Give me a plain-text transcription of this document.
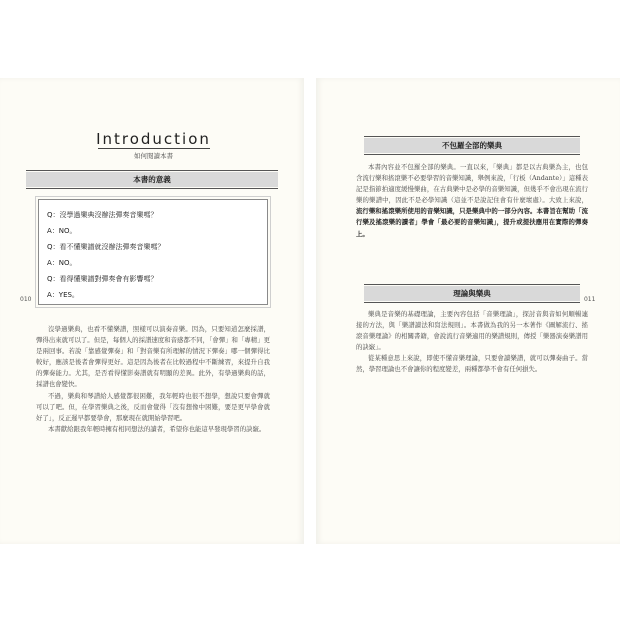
Introduction
如何閱讀本書
本書的意義
Q：沒學過樂典沒辦法彈奏音樂嗎？
A：NO。
Q：看不懂樂譜就沒辦法彈奏音樂嗎？
A：NO。
Q：看得懂樂譜對彈奏會有影響嗎？
A：YES。

沒學過樂典，也看不懂樂譜，照樣可以演奏音樂。因為，只要知道怎麼採譜，彈得出來就可以了。但是，每個人的採譜速度和音感都不同，「會彈」和「專精」更是兩回事。若說「靠感覺彈奏」和「對音樂有所理解的情況下彈奏」哪一個彈得比較好，應該是後者會彈得更好。這是因為後者在比較過程中不斷練習，來提升自我的彈奏能力。尤其，是否看得懂影奏譜就有明顯的差異。此外，有學過樂典的話，採譜也會變快。

不過，樂典和琴譜給人感覺都很困難，我年輕時也很不想學，想說只要會彈就可以了吧。但，在學習樂典之後，反而會覺得「沒有想像中困難，要是更早學會就好了」，反正遲早都要學會，那麼現在就開始學習吧。

本書獻給跟我年輕時擁有相同想法的讀者，希望你也能這早發現學習的訣竅。

010
不包羅全部的樂典

本書內容並不包羅全部的樂典。一直以來，「樂典」都是以古典樂為主，也包含流行樂和搖滾樂不必要學習的音樂知識，舉例來說，「行板（Andante）」這種表記是指節拍適度緩慢樂曲，在古典樂中是必學的音樂知識，但幾乎不會出現在流行樂的樂譜中，因此不是必學知識（這並不是說記住會有什麼壞處）。大致上來說，流行樂和搖滾樂所使用的音樂知識，只是樂典中的一部分內容。本書旨在幫助「流行樂及搖滾樂的讀者」學會「最必要的音樂知識」，提升或提扶應用在實際的彈奏上。

理論與樂典

樂典是音樂的基礎理論，主要內容包括「音樂理論」，探討音與音如何順暢連接的方法，與「樂譜讀法和寫法規則」。本書做為我的另一本著作《圖解流行、搖滾音樂理論》的相關書籍，會說流行音樂適用的樂譜規則，傳授「樂器演奏樂譜用的訣竅」。

從某種意思上來說，即使不懂音樂理論，只要會讀樂譜，就可以彈奏曲子。當然，學習理論也不會讓你的程度變差，兩種都學不會有任何損失。

011
